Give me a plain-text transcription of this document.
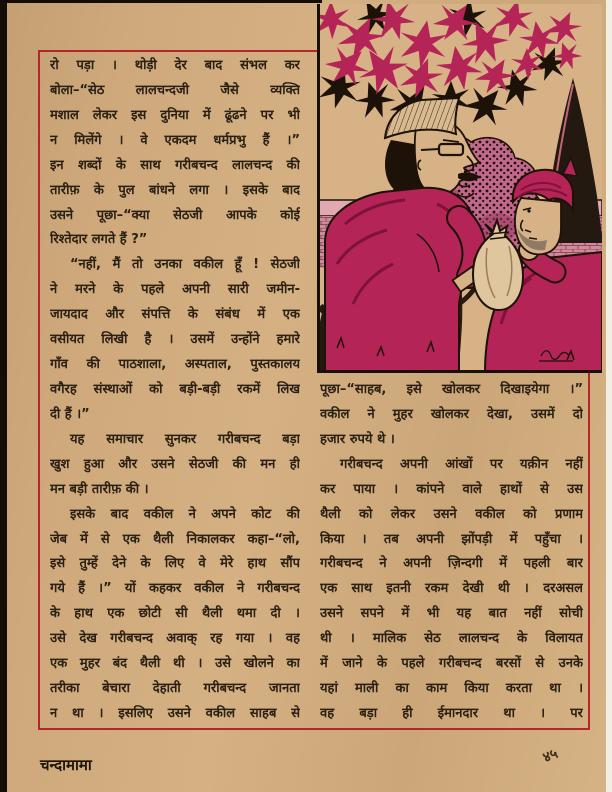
रो पड़ा । थोड़ी देर बाद संभल कर
बोला–“सेठ लालचन्दजी जैसे व्यक्ति
मशाल लेकर इस दुनिया में ढूंढने पर भी
न मिलेंगे । वे एकदम धर्मप्रभु हैं ।”
इन शब्दों के साथ गरीबचन्द लालचन्द की
तारीफ़ के पुल बांधने लगा । इसके बाद
उसने पूछा–“क्या सेठजी आपके कोई
रिश्तेदार लगते हैं ?”
“नहीं, मैं तो उनका वकील हूँ ! सेठजी
ने मरने के पहले अपनी सारी जमीन-
जायदाद और संपत्ति के संबंध में एक
वसीयत लिखी है । उसमें उन्होंने हमारे
गाँव की पाठशाला, अस्पताल, पुस्तकालय
वगैरह संस्थाओं को बड़ी-बड़ी रकमें लिख
दी हैं ।”
यह समाचार सुनकर गरीबचन्द बड़ा
खुश हुआ और उसने सेठजी की मन ही
मन बड़ी तारीफ़ की ।
इसके बाद वकील ने अपने कोट की
जेब में से एक थैली निकालकर कहा–“लो,
इसे तुम्हें देने के लिए वे मेरे हाथ सौंप
गये हैं ।” यों कहकर वकील ने गरीबचन्द
के हाथ एक छोटी सी थैली थमा दी ।
उसे देख गरीबचन्द अवाक् रह गया । वह
एक मुहर बंद थैली थी । उसे खोलने का
तरीका बेचारा देहाती गरीबचन्द जानता
न था । इसलिए उसने वकील साहब से
पूछा–“साहब, इसे खोलकर दिखाइयेगा ।”
वकील ने मुहर खोलकर देखा, उसमें दो
हजार रुपये थे ।
गरीबचन्द अपनी आंखों पर यक़ीन नहीं
कर पाया । कांपने वाले हाथों से उस
थैली को लेकर उसने वकील को प्रणाम
किया । तब अपनी झोंपड़ी में पहुँचा ।
गरीबचन्द ने अपनी ज़िन्दगी में पहली बार
एक साथ इतनी रकम देखी थी । दरअसल
उसने सपने में भी यह बात नहीं सोची
थी । मालिक सेठ लालचन्द के विलायत
में जाने के पहले गरीबचन्द बरसों से उनके
यहां माली का काम किया करता था ।
वह बड़ा ही ईमानदार था । पर
चन्दामामा	४५
